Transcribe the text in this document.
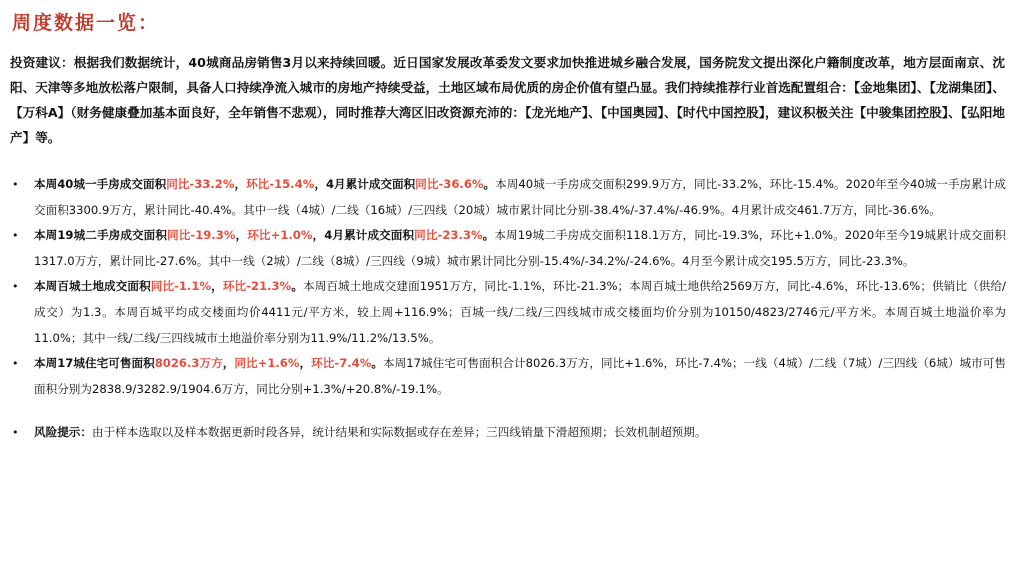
周度数据一览：

投资建议：根据我们数据统计，40城商品房销售3月以来持续回暖。近日国家发展改革委发文要求加快推进城乡融合发展，国务院发文提出深化户籍制度改革，地方层面南京、沈阳、天津等多地放松落户限制，具备人口持续净流入城市的房地产持续受益，土地区域布局优质的房企价值有望凸显。我们持续推荐行业首选配置组合：【金地集团】、【龙湖集团】、【万科A】（财务健康叠加基本面良好，全年销售不悲观），同时推荐大湾区旧改资源充沛的：【龙光地产】、【中国奥园】、【时代中国控股】，建议积极关注【中骏集团控股】、【弘阳地产】等。

• 本周40城一手房成交面积同比-33.2%，环比-15.4%，4月累计成交面积同比-36.6%。本周40城一手房成交面积299.9万方，同比-33.2%，环比-15.4%。2020年至今40城一手房累计成交面积3300.9万方，累计同比-40.4%。其中一线（4城）/二线（16城）/三四线（20城）城市累计同比分别-38.4%/-37.4%/-46.9%。4月累计成交461.7万方，同比-36.6%。
• 本周19城二手房成交面积同比-19.3%，环比+1.0%，4月累计成交面积同比-23.3%。本周19城二手房成交面积118.1万方，同比-19.3%，环比+1.0%。2020年至今19城累计成交面积1317.0万方，累计同比-27.6%。其中一线（2城）/二线（8城）/三四线（9城）城市累计同比分别-15.4%/-34.2%/-24.6%。4月至今累计成交195.5万方，同比-23.3%。
• 本周百城土地成交面积同比-1.1%，环比-21.3%。本周百城土地成交建面1951万方，同比-1.1%，环比-21.3%；本周百城土地供给2569万方，同比-4.6%，环比-13.6%；供销比（供给/成交）为1.3。本周百城平均成交楼面均价4411元/平方米，较上周+116.9%；百城一线/二线/三四线城市成交楼面均价分别为10150/4823/2746元/平方米。本周百城土地溢价率为11.0%；其中一线/二线/三四线城市土地溢价率分别为11.9%/11.2%/13.5%。
• 本周17城住宅可售面积8026.3万方，同比+1.6%，环比-7.4%。本周17城住宅可售面积合计8026.3万方，同比+1.6%，环比-7.4%；一线（4城）/二线（7城）/三四线（6城）城市可售面积分别为2838.9/3282.9/1904.6万方，同比分别+1.3%/+20.8%/-19.1%。
• 风险提示：由于样本选取以及样本数据更新时段各异，统计结果和实际数据或存在差异；三四线销量下滑超预期；长效机制超预期。
